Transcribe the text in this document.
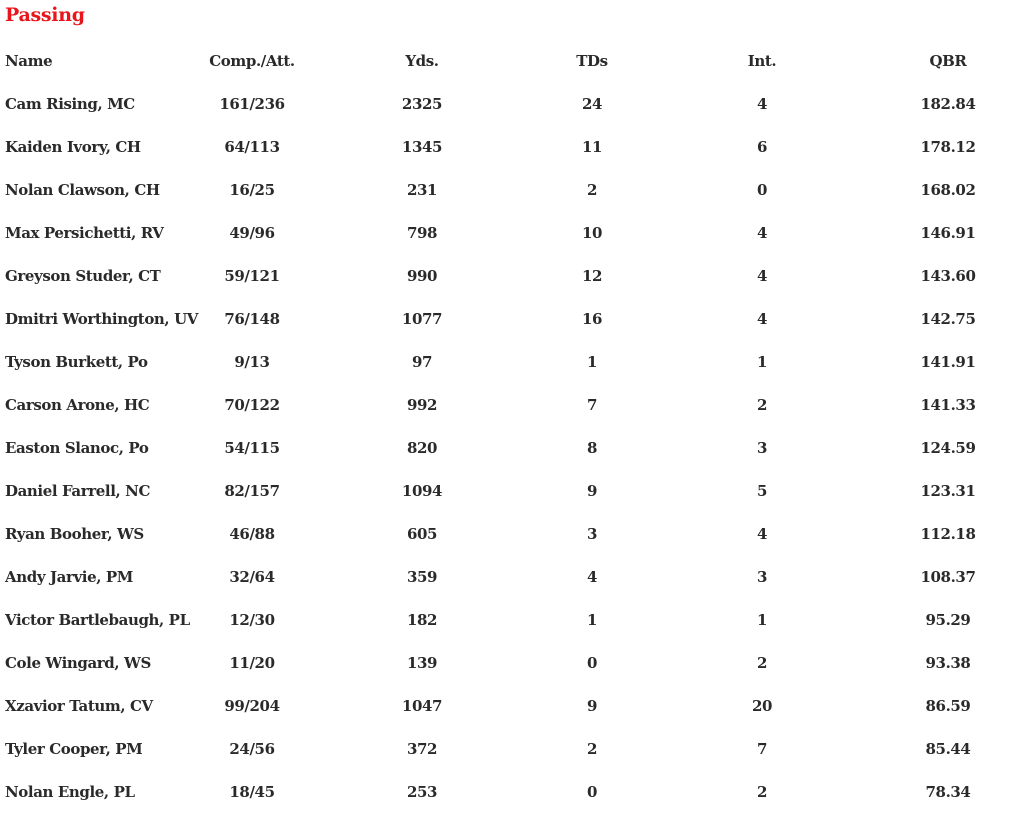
Passing
Name	Comp./Att.	Yds.	TDs	Int.	QBR
Cam Rising, MC	161/236	2325	24	4	182.84
Kaiden Ivory, CH	64/113	1345	11	6	178.12
Nolan Clawson, CH	16/25	231	2	0	168.02
Max Persichetti, RV	49/96	798	10	4	146.91
Greyson Studer, CT	59/121	990	12	4	143.60
Dmitri Worthington, UV	76/148	1077	16	4	142.75
Tyson Burkett, Po	9/13	97	1	1	141.91
Carson Arone, HC	70/122	992	7	2	141.33
Easton Slanoc, Po	54/115	820	8	3	124.59
Daniel Farrell, NC	82/157	1094	9	5	123.31
Ryan Booher, WS	46/88	605	3	4	112.18
Andy Jarvie, PM	32/64	359	4	3	108.37
Victor Bartlebaugh, PL	12/30	182	1	1	95.29
Cole Wingard, WS	11/20	139	0	2	93.38
Xzavior Tatum, CV	99/204	1047	9	20	86.59
Tyler Cooper, PM	24/56	372	2	7	85.44
Nolan Engle, PL	18/45	253	0	2	78.34
